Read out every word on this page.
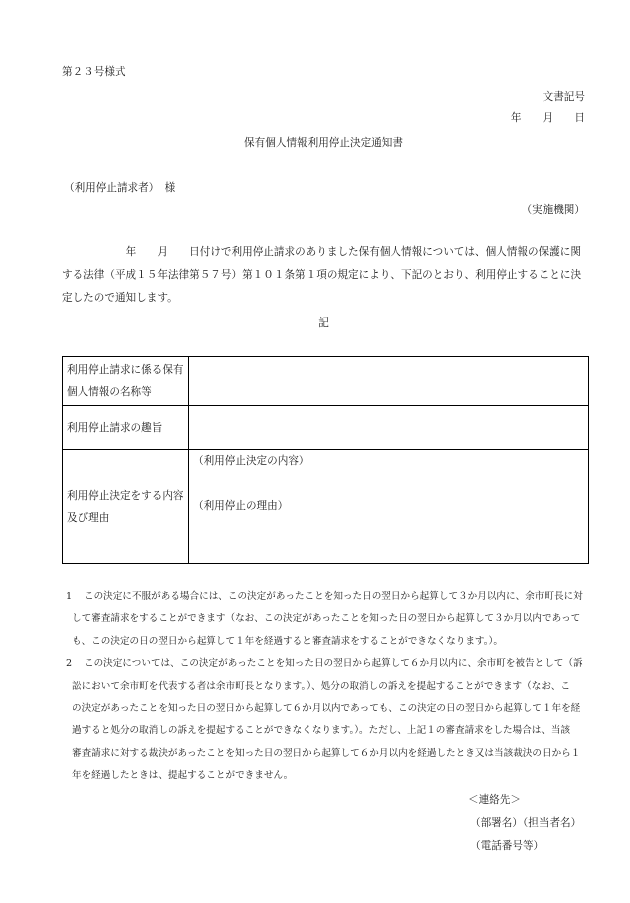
第２３号様式
文書記号
年　　月　　日
保有個人情報利用停止決定通知書
（利用停止請求者）　様
（実施機関）
年　　月　　日付けで利用停止請求のありました保有個人情報については、個人情報の保護に関
する法律（平成１５年法律第５７号）第１０１条第１項の規定により、下記のとおり、利用停止することに決
定したので通知します。
記
利用停止請求に係る保有個人情報の名称等	
利用停止請求の趣旨	
利用停止決定をする内容及び理由	（利用停止決定の内容）
（利用停止の理由）
1 この決定に不服がある場合には、この決定があったことを知った日の翌日から起算して３か月以内に、余市町長に対
して審査請求をすることができます（なお、この決定があったことを知った日の翌日から起算して３か月以内であって
も、この決定の日の翌日から起算して１年を経過すると審査請求をすることができなくなります。）。
2 この決定については、この決定があったことを知った日の翌日から起算して６か月以内に、余市町を被告として（訴
訟において余市町を代表する者は余市町長となります。）、処分の取消しの訴えを提起することができます（なお、こ
の決定があったことを知った日の翌日から起算して６か月以内であっても、この決定の日の翌日から起算して１年を経
過すると処分の取消しの訴えを提起することができなくなります。）。ただし、上記１の審査請求をした場合は、当該
審査請求に対する裁決があったことを知った日の翌日から起算して６か月以内を経過したとき又は当該裁決の日から１
年を経過したときは、提起することができません。
＜連絡先＞
（部署名）（担当者名）
（電話番号等）
